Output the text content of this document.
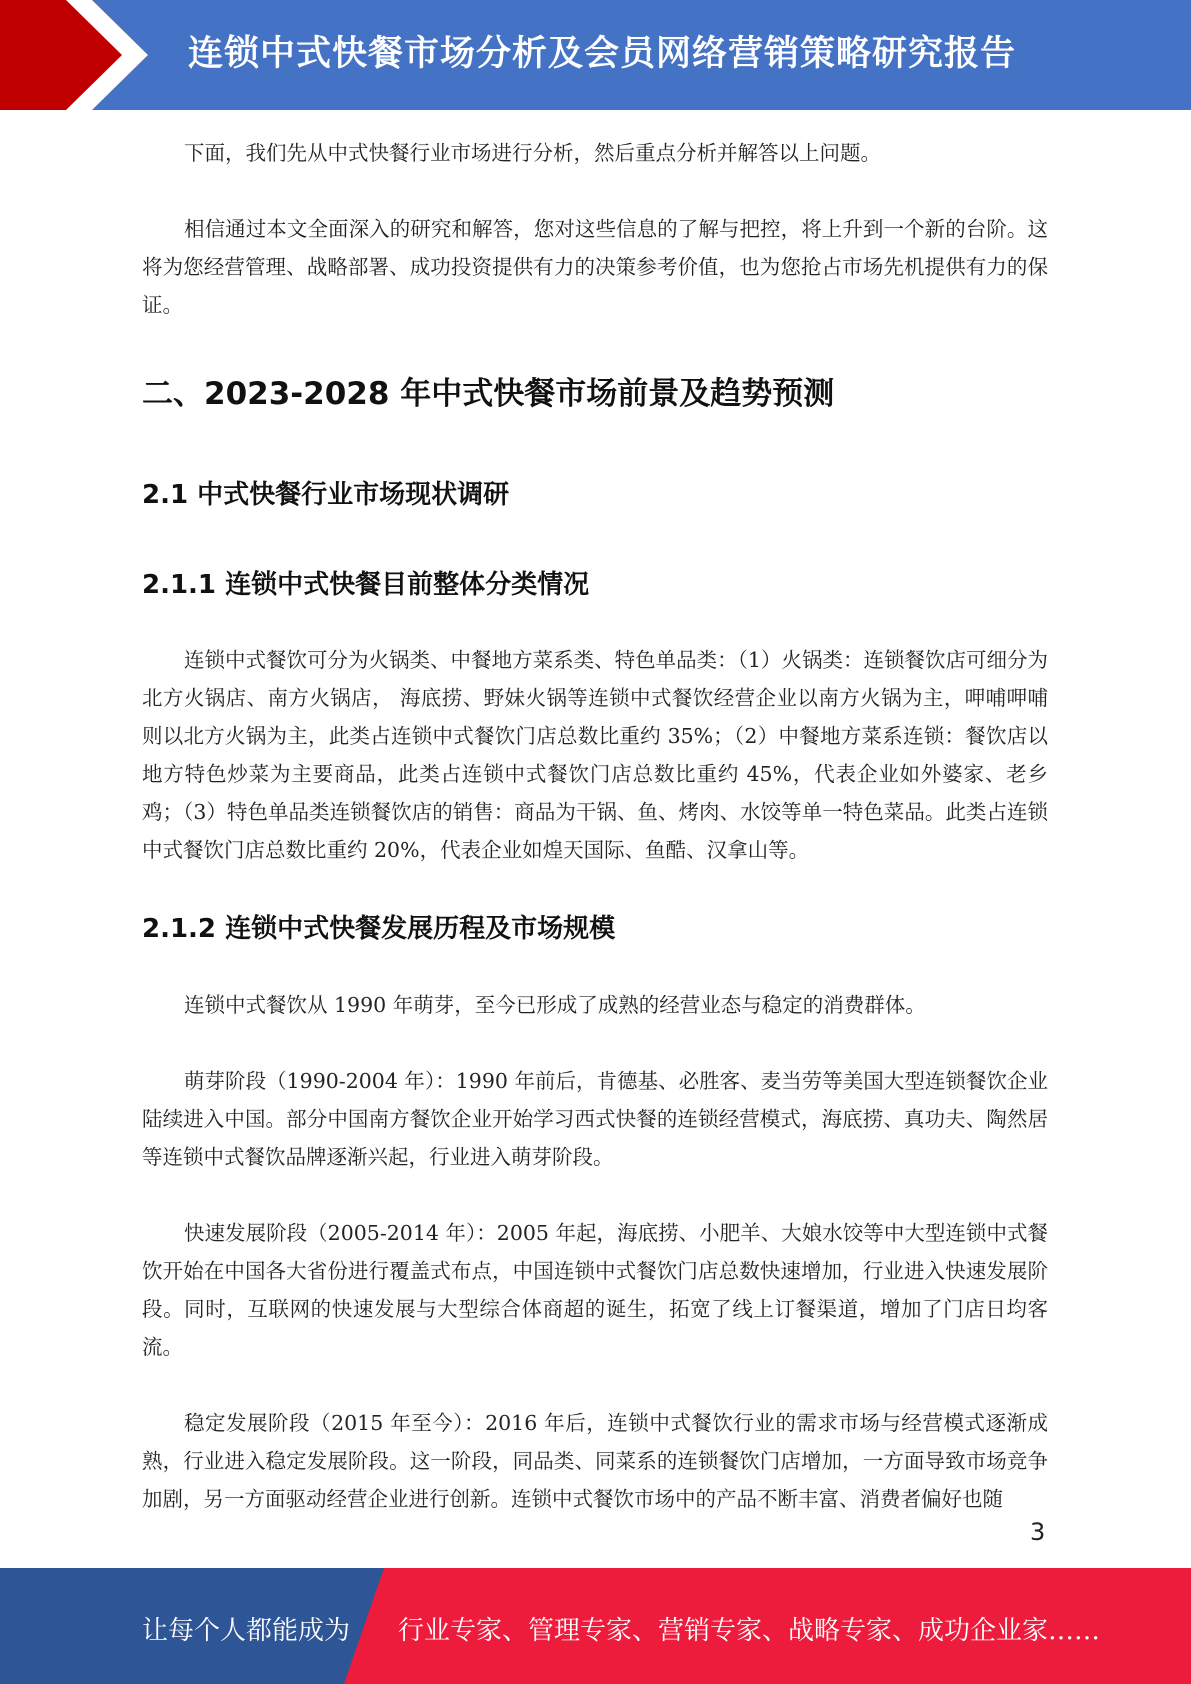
连锁中式快餐市场分析及会员网络营销策略研究报告

下面，我们先从中式快餐行业市场进行分析，然后重点分析并解答以上问题。

相信通过本文全面深入的研究和解答，您对这些信息的了解与把控，将上升到一个新的台阶。这将为您经营管理、战略部署、成功投资提供有力的决策参考价值，也为您抢占市场先机提供有力的保证。

二、2023-2028 年中式快餐市场前景及趋势预测
2.1 中式快餐行业市场现状调研
2.1.1 连锁中式快餐目前整体分类情况

连锁中式餐饮可分为火锅类、中餐地方菜系类、特色单品类：（1）火锅类：连锁餐饮店可细分为北方火锅店、南方火锅店， 海底捞、野妹火锅等连锁中式餐饮经营企业以南方火锅为主，呷哺呷哺则以北方火锅为主，此类占连锁中式餐饮门店总数比重约 35%；（2）中餐地方菜系连锁：餐饮店以地方特色炒菜为主要商品，此类占连锁中式餐饮门店总数比重约 45%，代表企业如外婆家、老乡鸡；（3）特色单品类连锁餐饮店的销售：商品为干锅、鱼、烤肉、水饺等单一特色菜品。此类占连锁中式餐饮门店总数比重约 20%，代表企业如煌天国际、鱼酷、汉拿山等。

2.1.2 连锁中式快餐发展历程及市场规模

连锁中式餐饮从 1990 年萌芽，至今已形成了成熟的经营业态与稳定的消费群体。

萌芽阶段（1990-2004 年）：1990 年前后，肯德基、必胜客、麦当劳等美国大型连锁餐饮企业陆续进入中国。部分中国南方餐饮企业开始学习西式快餐的连锁经营模式，海底捞、真功夫、陶然居等连锁中式餐饮品牌逐渐兴起，行业进入萌芽阶段。

快速发展阶段（2005-2014 年）：2005 年起，海底捞、小肥羊、大娘水饺等中大型连锁中式餐饮开始在中国各大省份进行覆盖式布点，中国连锁中式餐饮门店总数快速增加，行业进入快速发展阶段。同时，互联网的快速发展与大型综合体商超的诞生，拓宽了线上订餐渠道，增加了门店日均客流。

稳定发展阶段（2015 年至今）：2016 年后，连锁中式餐饮行业的需求市场与经营模式逐渐成熟，行业进入稳定发展阶段。这一阶段，同品类、同菜系的连锁餐饮门店增加，一方面导致市场竞争加剧，另一方面驱动经营企业进行创新。连锁中式餐饮市场中的产品不断丰富、消费者偏好也随

3
让每个人都能成为 行业专家、管理专家、营销专家、战略专家、成功企业家……
